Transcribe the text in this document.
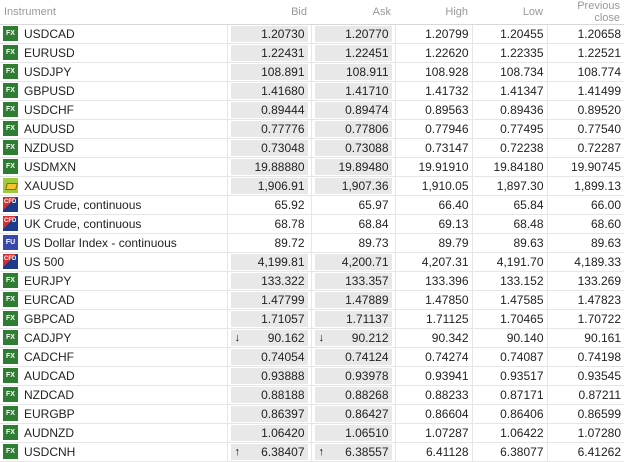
Instrument	Bid	Ask	High	Low	Previous close
FX USDCAD	1.20730	1.20770	1.20799	1.20455	1.20658
FX EURUSD	1.22431	1.22451	1.22620	1.22335	1.22521
FX USDJPY	108.891	108.911	108.928	108.734	108.774
FX GBPUSD	1.41680	1.41710	1.41732	1.41347	1.41499
FX USDCHF	0.89444	0.89474	0.89563	0.89436	0.89520
FX AUDUSD	0.77776	0.77806	0.77946	0.77495	0.77540
FX NZDUSD	0.73048	0.73088	0.73147	0.72238	0.72287
FX USDMXN	19.88880	19.89480	19.91910	19.84180	19.90745
XAUUSD	1,906.91	1,907.36	1,910.05	1,897.30	1,899.13

CFD US Crude, continuous	65.92	65.97	66.40	65.84	66.00

CFD UK Crude, continuous	68.78	68.84	69.13	68.48	68.60
FU US Dollar Index - continuous	89.72	89.73	89.79	89.63	89.63

CFD US 500	4,199.81	4,200.71	4,207.31	4,191.70	4,189.33
FX EURJPY	133.322	133.357	133.396	133.152	133.269
FX EURCAD	1.47799	1.47889	1.47850	1.47585	1.47823
FX GBPCAD	1.71057	1.71137	1.71125	1.70465	1.70722
FX CADJPY	↓ 90.162	↓ 90.212	90.342	90.140	90.161
FX CADCHF	0.74054	0.74124	0.74274	0.74087	0.74198
FX AUDCAD	0.93888	0.93978	0.93941	0.93517	0.93545
FX NZDCAD	0.88188	0.88268	0.88233	0.87171	0.87211
FX EURGBP	0.86397	0.86427	0.86604	0.86406	0.86599
FX AUDNZD	1.06420	1.06510	1.07287	1.06422	1.07280
FX USDCNH	↑ 6.38407	↑ 6.38557	6.41128	6.38077	6.41262
